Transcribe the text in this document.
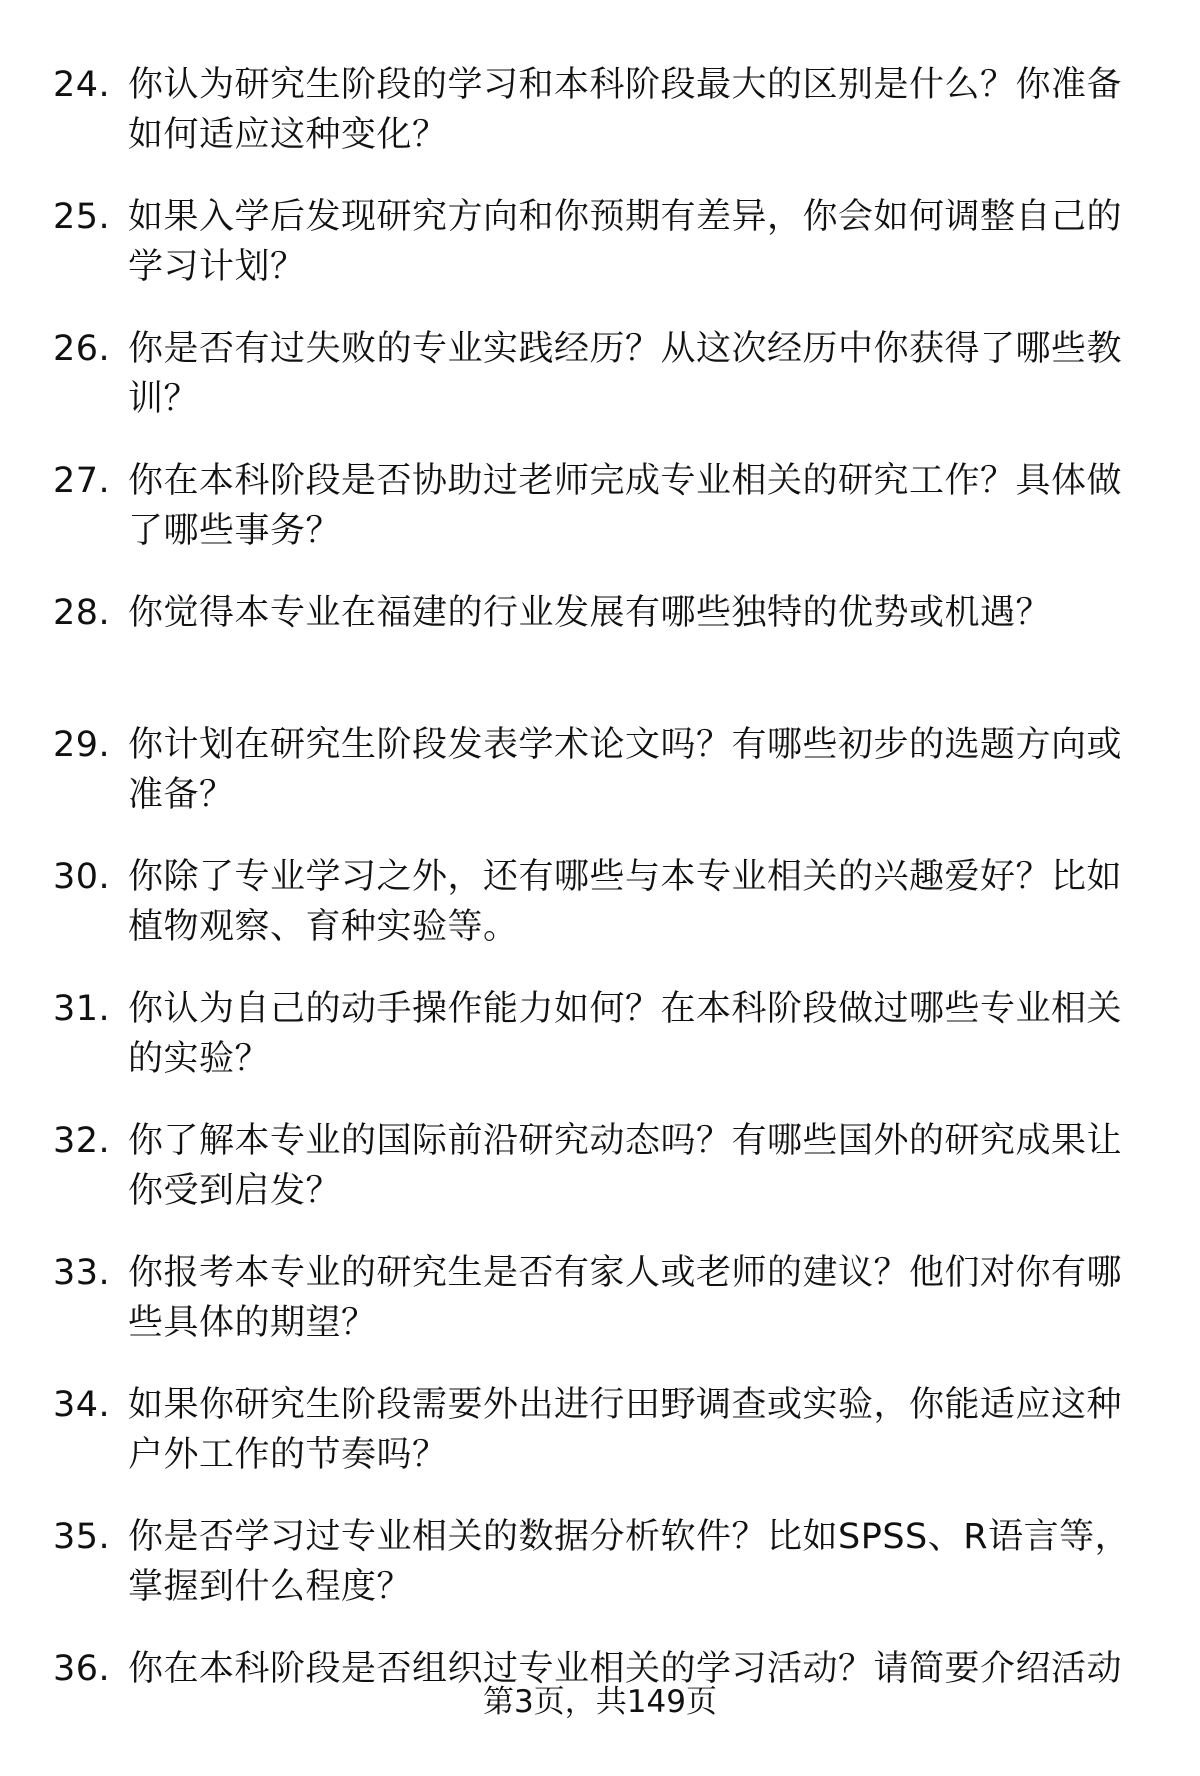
24. 你认为研究生阶段的学习和本科阶段最大的区别是什么？你准备
如何适应这种变化？
25. 如果入学后发现研究方向和你预期有差异，你会如何调整自己的
学习计划？
26. 你是否有过失败的专业实践经历？从这次经历中你获得了哪些教
训？
27. 你在本科阶段是否协助过老师完成专业相关的研究工作？具体做
了哪些事务？
28. 你觉得本专业在福建的行业发展有哪些独特的优势或机遇？
29. 你计划在研究生阶段发表学术论文吗？有哪些初步的选题方向或
准备？
30. 你除了专业学习之外，还有哪些与本专业相关的兴趣爱好？比如
植物观察、育种实验等。
31. 你认为自己的动手操作能力如何？在本科阶段做过哪些专业相关
的实验？
32. 你了解本专业的国际前沿研究动态吗？有哪些国外的研究成果让
你受到启发？
33. 你报考本专业的研究生是否有家人或老师的建议？他们对你有哪
些具体的期望？
34. 如果你研究生阶段需要外出进行田野调查或实验，你能适应这种
户外工作的节奏吗？
35. 你是否学习过专业相关的数据分析软件？比如SPSS、R语言等，
掌握到什么程度？
36. 你在本科阶段是否组织过专业相关的学习活动？请简要介绍活动
第3页，共149页
